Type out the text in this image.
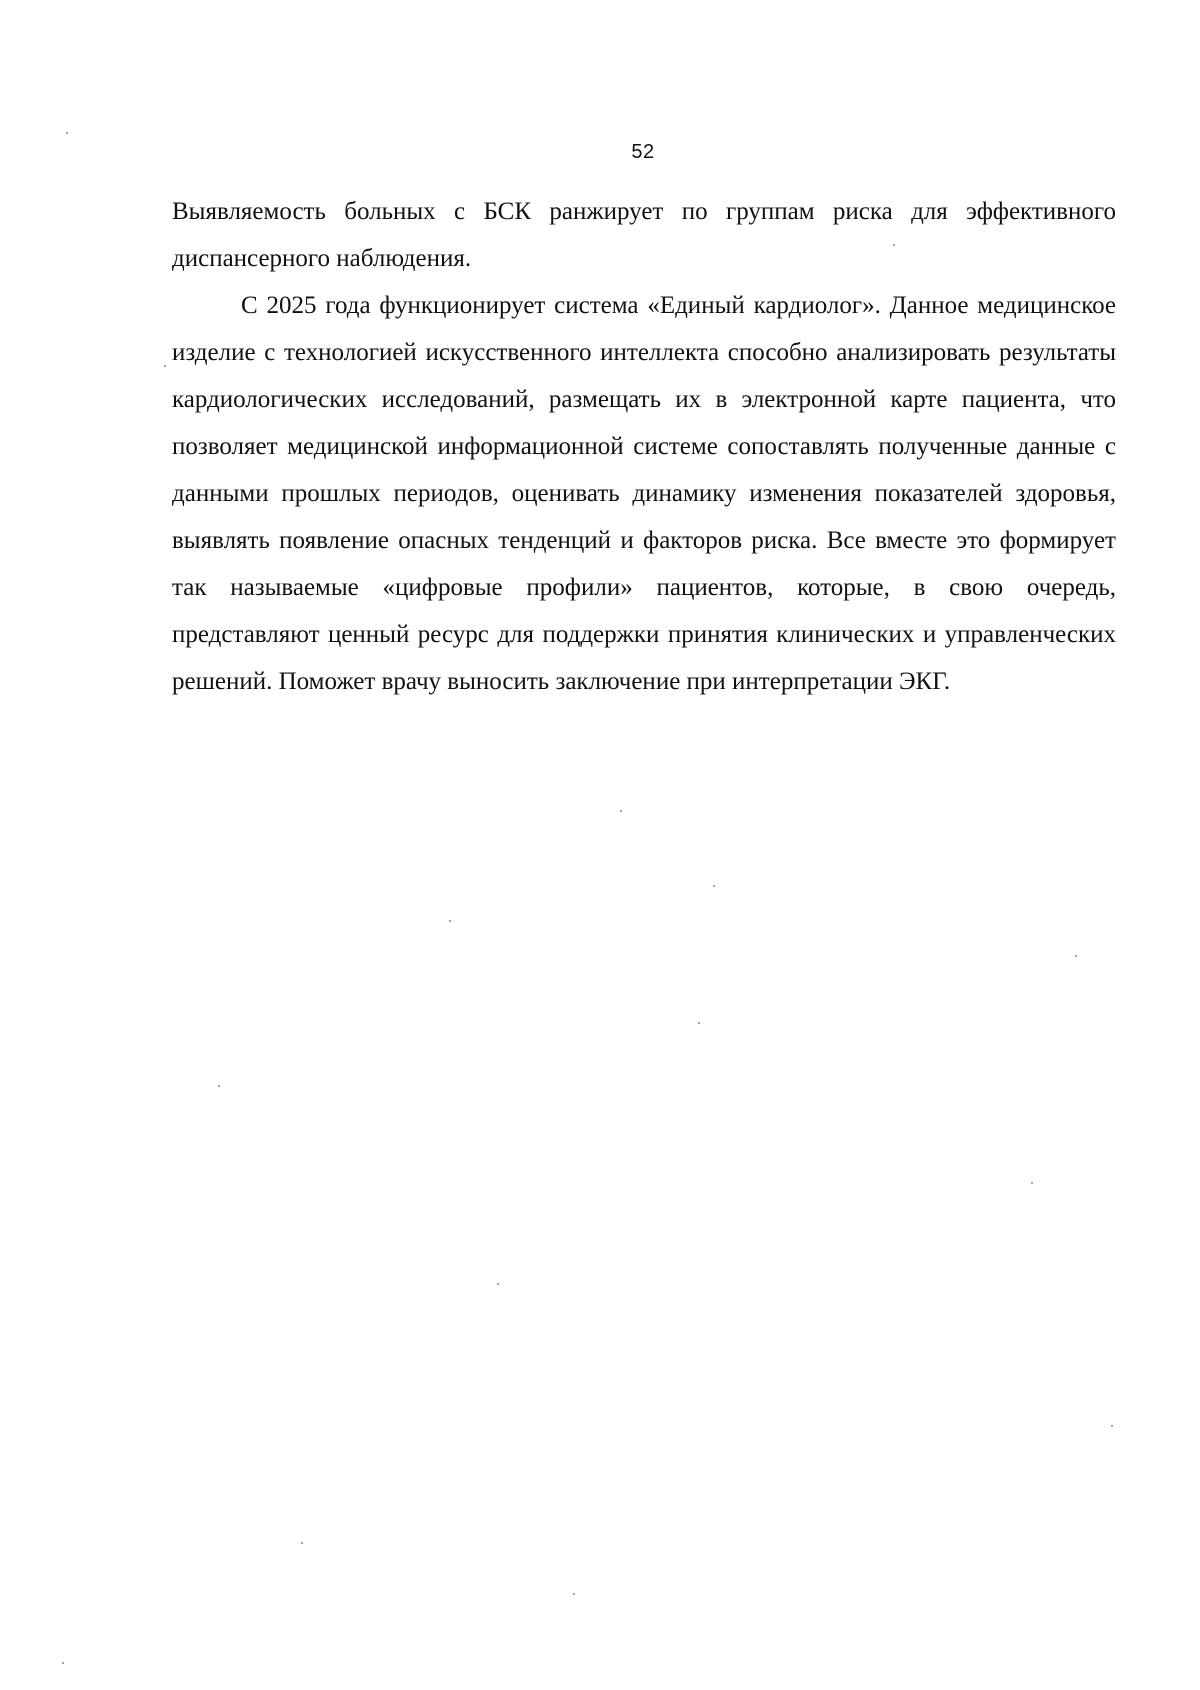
52

Выявляемость больных с БСК ранжирует по группам риска для эффективного диспансерного наблюдения.

С 2025 года функционирует система «Единый кардиолог». Данное медицинское изделие с технологией искусственного интеллекта способно анализировать результаты кардиологических исследований, размещать их в электронной карте пациента, что позволяет медицинской информационной системе сопоставлять полученные данные с данными прошлых периодов, оценивать динамику изменения показателей здоровья, выявлять появление опасных тенденций и факторов риска. Все вместе это формирует так называемые «цифровые профили» пациентов, которые, в свою очередь, представляют ценный ресурс для поддержки принятия клинических и управленческих решений. Поможет врачу выносить заключение при интерпретации ЭКГ.
